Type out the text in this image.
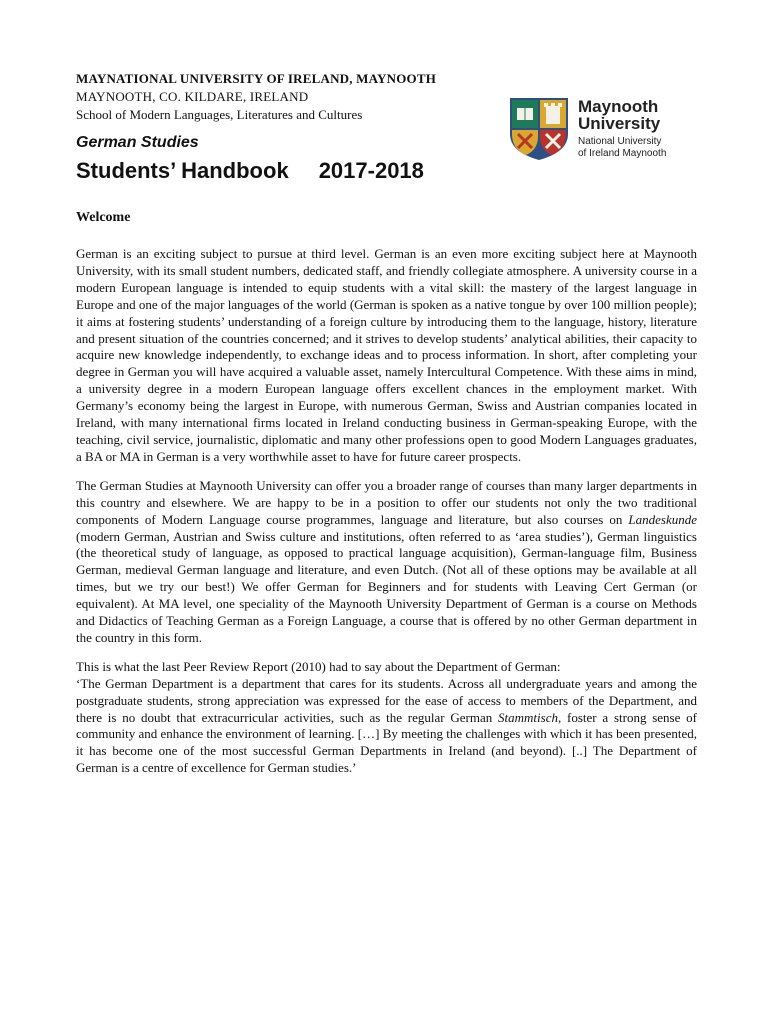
MAYNATIONAL UNIVERSITY OF IRELAND, MAYNOOTH
MAYNOOTH, CO. KILDARE, IRELAND
School of Modern Languages, Literatures and Cultures	Maynooth
University
National University
of Ireland Maynooth
German Studies
Students’ Handbook 2017-2018
Welcome

German is an exciting subject to pursue at third level. German is an even more exciting subject here at Maynooth University, with its small student numbers, dedicated staff, and friendly collegiate atmosphere. A university course in a modern European language is intended to equip students with a vital skill: the mastery of the largest language in Europe and one of the major languages of the world (German is spoken as a native tongue by over 100 million people); it aims at fostering students’ understanding of a foreign culture by introducing them to the language, history, literature and present situation of the countries concerned; and it strives to develop students’ analytical abilities, their capacity to acquire new knowledge independently, to exchange ideas and to process information. In short, after completing your degree in German you will have acquired a valuable asset, namely Intercultural Competence. With these aims in mind, a university degree in a modern European language offers excellent chances in the employment market. With Germany’s economy being the largest in Europe, with numerous German, Swiss and Austrian companies located in Ireland, with many international firms located in Ireland conducting business in German-speaking Europe, with the teaching, civil service, journalistic, diplomatic and many other professions open to good Modern Languages graduates, a BA or MA in German is a very worthwhile asset to have for future career prospects.

The German Studies at Maynooth University can offer you a broader range of courses than many larger departments in this country and elsewhere. We are happy to be in a position to offer our students not only the two traditional components of Modern Language course programmes, language and literature, but also courses on Landeskunde (modern German, Austrian and Swiss culture and institutions, often referred to as ‘area studies’), German linguistics (the theoretical study of language, as opposed to practical language acquisition), German-language film, Business German, medieval German language and literature, and even Dutch. (Not all of these options may be available at all times, but we try our best!) We offer German for Beginners and for students with Leaving Cert German (or equivalent). At MA level, one speciality of the Maynooth University Department of German is a course on Methods and Didactics of Teaching German as a Foreign Language, a course that is offered by no other German department in the country in this form.

This is what the last Peer Review Report (2010) had to say about the Department of German:
‘The German Department is a department that cares for its students. Across all undergraduate years and among the postgraduate students, strong appreciation was expressed for the ease of access to members of the Department, and there is no doubt that extracurricular activities, such as the regular German Stammtisch, foster a strong sense of community and enhance the environment of learning. […] By meeting the challenges with which it has been presented, it has become one of the most successful German Departments in Ireland (and beyond). [..] The Department of German is a centre of excellence for German studies.’
